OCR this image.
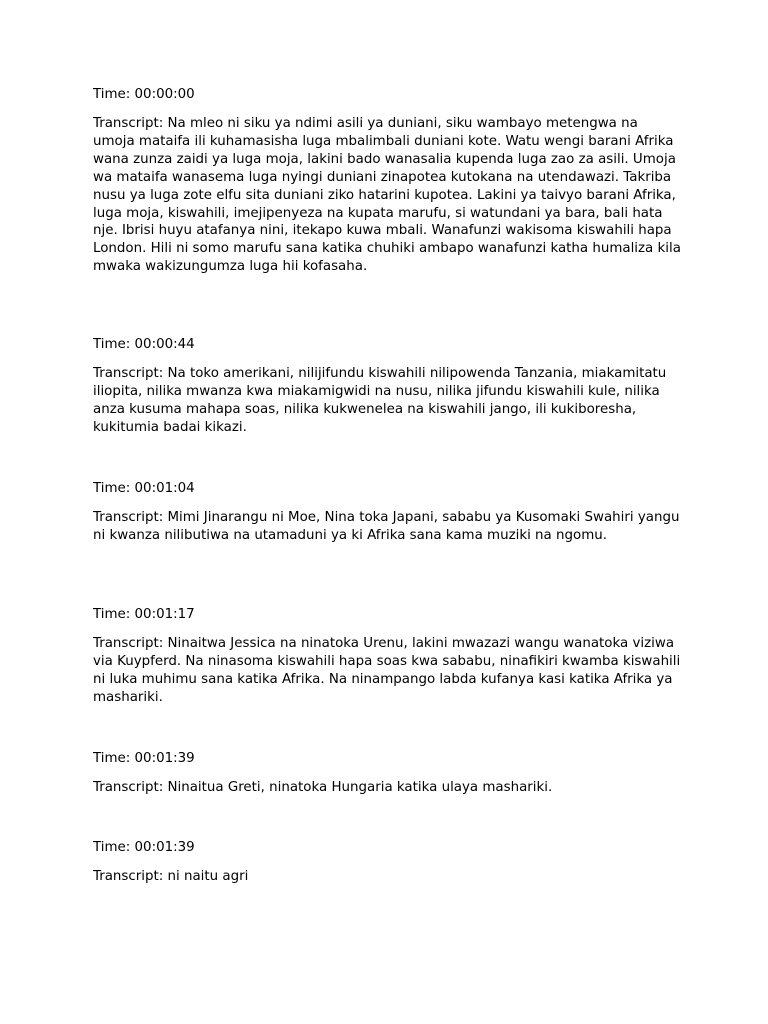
Time: 00:00:00

Transcript: Na mleo ni siku ya ndimi asili ya duniani, siku wambayo metengwa na umoja mataifa ili kuhamasisha luga mbalimbali duniani kote. Watu wengi barani Afrika wana zunza zaidi ya luga moja, lakini bado wanasalia kupenda luga zao za asili. Umoja wa mataifa wanasema luga nyingi duniani zinapotea kutokana na utendawazi. Takriba nusu ya luga zote elfu sita duniani ziko hatarini kupotea. Lakini ya taivyo barani Afrika, luga moja, kiswahili, imejipenyeza na kupata marufu, si watundani ya bara, bali hata nje. Ibrisi huyu atafanya nini, itekapo kuwa mbali. Wanafunzi wakisoma kiswahili hapa London. Hili ni somo marufu sana katika chuhiki ambapo wanafunzi katha humaliza kila mwaka wakizungumza luga hii kofasaha.

Time: 00:00:44

Transcript: Na toko amerikani, nilijifundu kiswahili nilipowenda Tanzania, miakamitatu iliopita, nilika mwanza kwa miakamigwidi na nusu, nilika jifundu kiswahili kule, nilika anza kusuma mahapa soas, nilika kukwenelea na kiswahili jango, ili kukiboresha, kukitumia badai kikazi.

Time: 00:01:04

Transcript: Mimi Jinarangu ni Moe, Nina toka Japani, sababu ya Kusomaki Swahiri yangu ni kwanza nilibutiwa na utamaduni ya ki Afrika sana kama muziki na ngomu.

Time: 00:01:17

Transcript: Ninaitwa Jessica na ninatoka Urenu, lakini mwazazi wangu wanatoka viziwa via Kuypferd. Na ninasoma kiswahili hapa soas kwa sababu, ninafikiri kwamba kiswahili ni luka muhimu sana katika Afrika. Na ninampango labda kufanya kasi katika Afrika ya mashariki.

Time: 00:01:39

Transcript: Ninaitua Greti, ninatoka Hungaria katika ulaya mashariki.

Time: 00:01:39

Transcript: ni naitu agri
